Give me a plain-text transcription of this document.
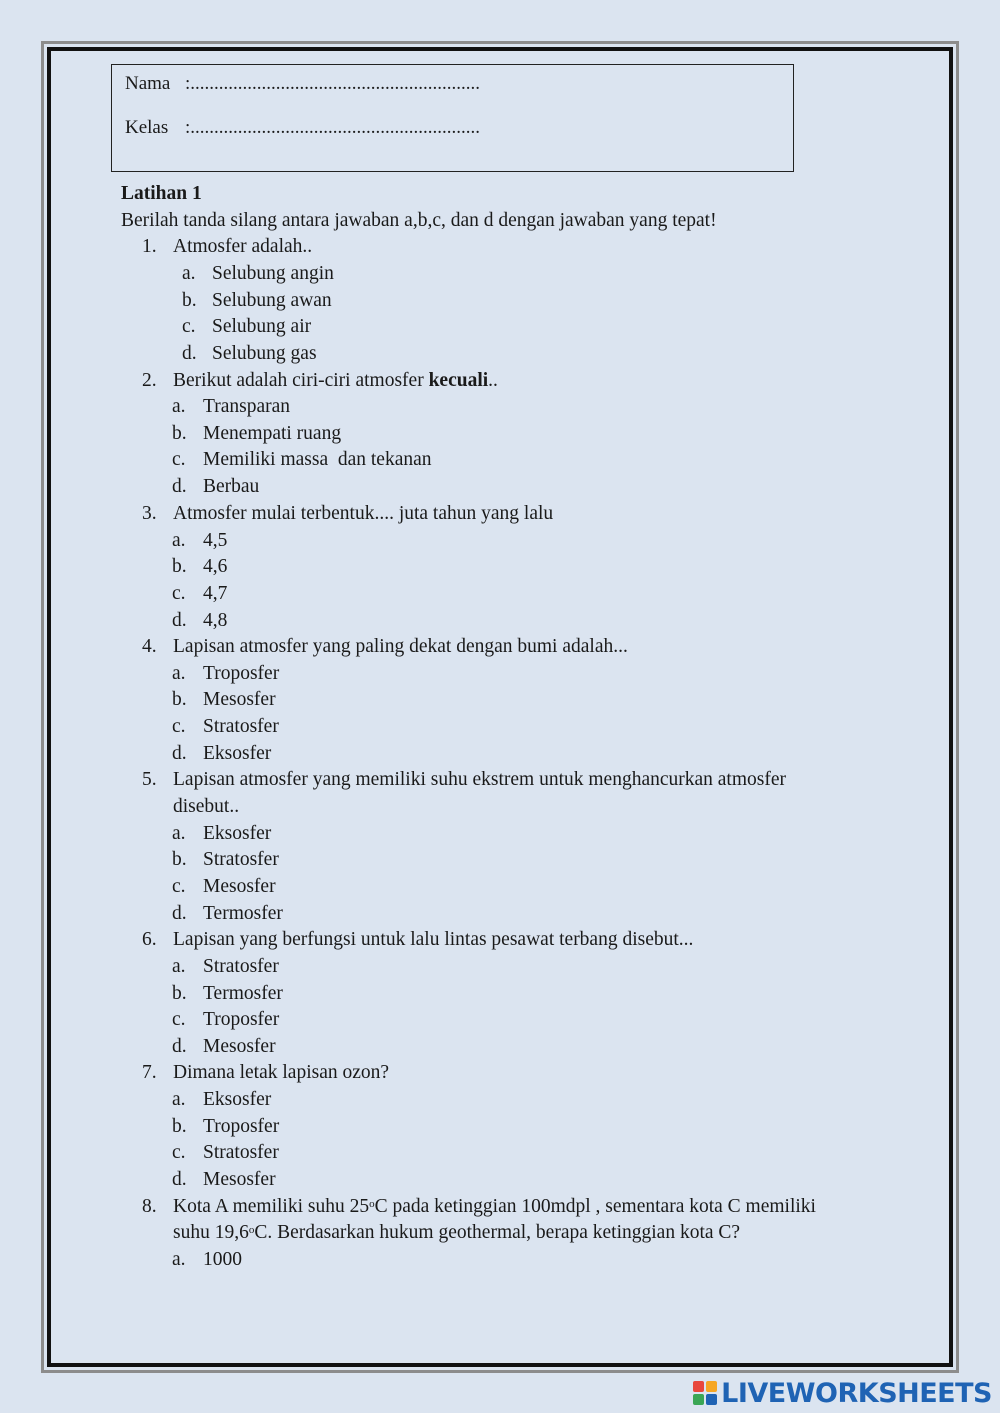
Nama :.............................................................
Kelas :.............................................................
Latihan 1
Berilah tanda silang antara jawaban a,b,c, dan d dengan jawaban yang tepat!
1. Atmosfer adalah..
a. Selubung angin
b. Selubung awan
c. Selubung air
d. Selubung gas
2. Berikut adalah ciri-ciri atmosfer kecuali..
a. Transparan
b. Menempati ruang
c. Memiliki massa  dan tekanan
d. Berbau
3. Atmosfer mulai terbentuk.... juta tahun yang lalu
a. 4,5
b. 4,6
c. 4,7
d. 4,8
4. Lapisan atmosfer yang paling dekat dengan bumi adalah...
a. Troposfer
b. Mesosfer
c. Stratosfer
d. Eksosfer
5. Lapisan atmosfer yang memiliki suhu ekstrem untuk menghancurkan atmosfer
disebut..
a. Eksosfer
b. Stratosfer
c. Mesosfer
d. Termosfer
6. Lapisan yang berfungsi untuk lalu lintas pesawat terbang disebut...
a. Stratosfer
b. Termosfer
c. Troposfer
d. Mesosfer
7. Dimana letak lapisan ozon?
a. Eksosfer
b. Troposfer
c. Stratosfer
d. Mesosfer
8. Kota A memiliki suhu 25$^o$C pada ketinggian 100mdpl , sementara kota C memiliki
suhu 19,6$^o$C. Berdasarkan hukum geothermal, berapa ketinggian kota C?
a. 1000
LIVEWORKSHEETS
